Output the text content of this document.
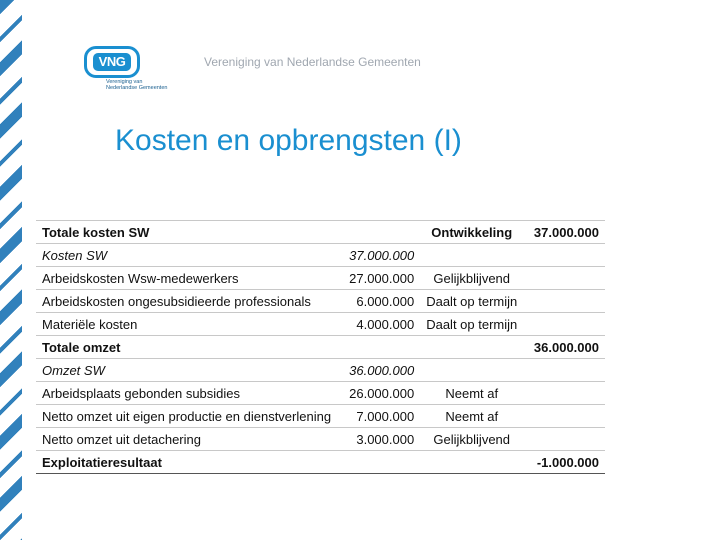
VNG
Vereniging van
Nederlandse Gemeenten
Vereniging van Nederlandse Gemeenten
Kosten en opbrengsten (I)
Totale kosten SW		Ontwikkeling	37.000.000
Kosten SW	37.000.000		
Arbeidskosten Wsw-medewerkers	27.000.000	Gelijkblijvend	
Arbeidskosten ongesubsidieerde professionals	6.000.000	Daalt op termijn	
Materiële kosten	4.000.000	Daalt op termijn	
Totale omzet			36.000.000
Omzet SW	36.000.000		
Arbeidsplaats gebonden subsidies	26.000.000	Neemt af	
Netto omzet uit eigen productie en dienstverlening	7.000.000	Neemt af	
Netto omzet uit detachering	3.000.000	Gelijkblijvend	
Exploitatieresultaat			-1.000.000
